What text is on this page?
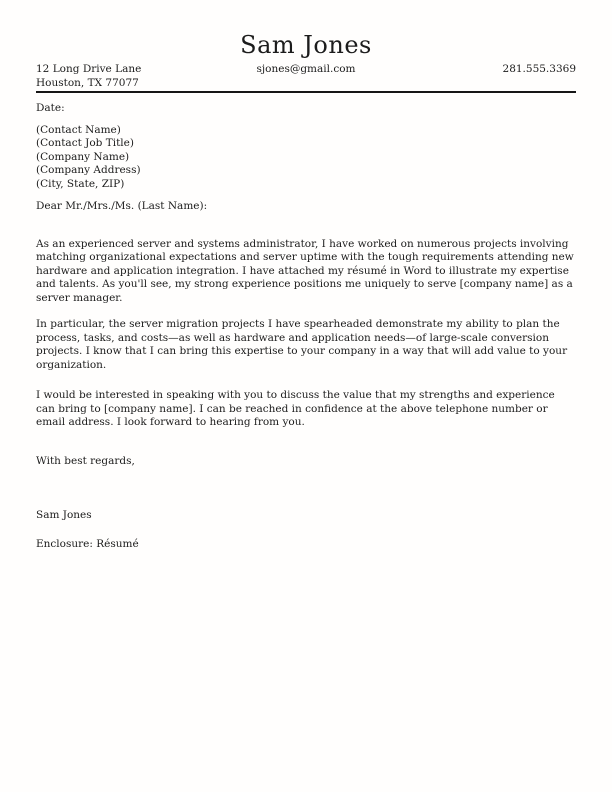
Sam Jones
12 Long Drive Lane
Houston, TX 77077
sjones@gmail.com	281.555.3369

Date:

(Contact Name)

(Contact Job Title)

(Company Name)

(Company Address)

(City, State, ZIP)

Dear Mr./Mrs./Ms. (Last Name):

As an experienced server and systems administrator, I have worked on numerous projects involving matching organizational expectations and server uptime with the tough requirements attending new hardware and application integration. I have attached my résumé in Word to illustrate my expertise and talents. As you'll see, my strong experience positions me uniquely to serve [company name] as a server manager.

In particular, the server migration projects I have spearheaded demonstrate my ability to plan the process, tasks, and costs—as well as hardware and application needs—of large-scale conversion projects. I know that I can bring this expertise to your company in a way that will add value to your organization.

I would be interested in speaking with you to discuss the value that my strengths and experience can bring to [company name]. I can be reached in confidence at the above telephone number or email address. I look forward to hearing from you.

With best regards,

Sam Jones

Enclosure: Résumé
